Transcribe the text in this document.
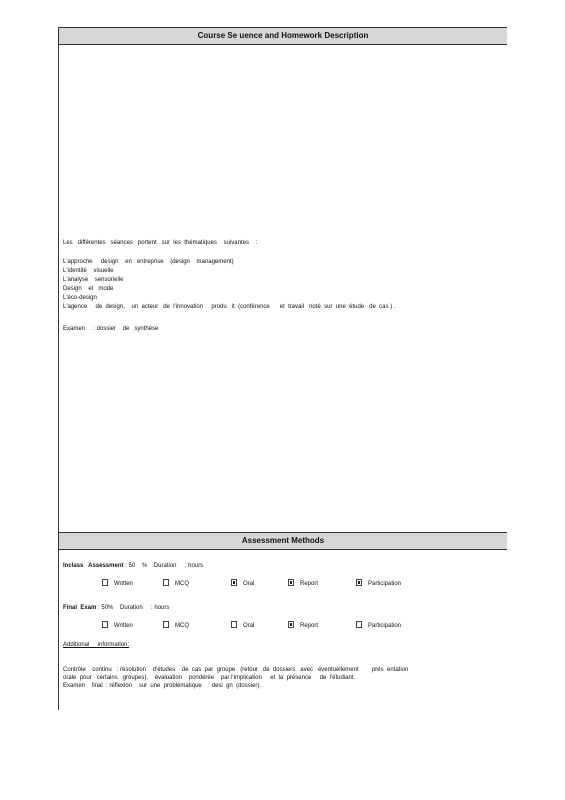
Course Se uence and Homework Description
Les   différentes   séances   portent   sur  les  thématiques    suivantes    :
L'approche     design    en   entreprise    (design    management)
L'identité    visuelle
L'analyse    sensorielle
Design    et   mode
L'éco-design
L'agence     de  design,    un  acteur   de  l'innovation     produ   it  (conférence      et  travail   noté  sur  une  étude   de  cas ) .
Examen     : dossier    de   synthèse
Assessment Methods
Inclass   Assessment : 50    %    Duration     : hours
Written	MCQ	Oral	Report	Participation
Final  Exam : 50%    Duration     : hours
Written	MCQ	Oral	Report	Participation
Additional     information:
Contrôle    continu   : résolution    d'études    de  cas  par  groupe   (retour   de  dossiers   avec   éventuellement        prés  entation
orale  pour   certains   groupes),    évaluation    pondérée    par l'implication     et  la  présence     de  l'étudiant.
Examen    final  : réflexion    sur  une  problématique      desi  gn  (dossier).
